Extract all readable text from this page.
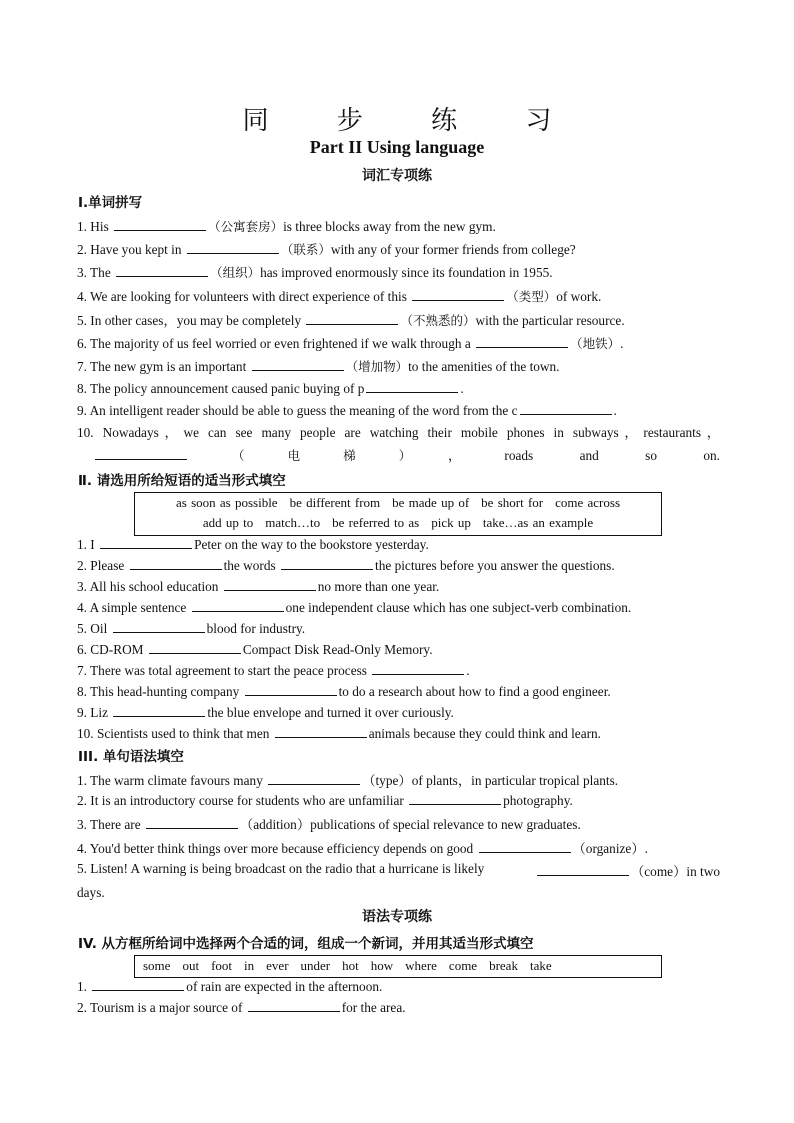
同 步 练 习
Part II Using language
词汇专项练
Ⅰ.单词拼写
1. His	（公寓套房）is three blocks away from the new gym.
2. Have you kept in	（联系）with any of your former friends from college?
3. The	（组织）has improved enormously since its foundation in 1955.
4. We are looking for volunteers with direct experience of this	（类型）of work.
5. In other cases，you may be completely	（不熟悉的）with the particular resource.
6. The majority of us feel worried or even frightened if we walk through a	（地铁）.
7. The new gym is an important	（增加物）to the amenities of the town.
8. The policy announcement caused panic buying of p	.
9. An intelligent reader should be able to guess the meaning of the word from the c	.
10. Nowadays，we can see many people are watching their mobile phones in subways，restaurants，
（电梯），roads and so on.
Ⅱ. 请选用所给短语的适当形式填空
as soon as possible be different from be made up of be short for come across
add up to match…to be referred to as pick up take…as an example
1. I	Peter on the way to the bookstore yesterday.
2. Please	the words	the pictures before you answer the questions.
3. All his school education	no more than one year.
4. A simple sentence	one independent clause which has one subject-verb combination.
5. Oil	blood for industry.
6. CD-ROM	Compact Disk Read-Only Memory.
7. There was total agreement to start the peace process	.
8. This head-hunting company	to do a research about how to find a good engineer.
9. Liz	the blue envelope and turned it over curiously.
10. Scientists used to think that men	animals because they could think and learn.
III. 单句语法填空
1. The warm climate favours many	（type）of plants，in particular tropical plants.
2. It is an introductory course for students who are unfamiliar	photography.
3. There are	（addition）publications of special relevance to new graduates.
4. You'd better think things over more because efficiency depends on good	（organize）.
5. Listen! A warning is being broadcast on the radio that a hurricane is likely	（come）in two
days.
语法专项练
IV. 从方框所给词中选择两个合适的词，组成一个新词，并用其适当形式填空
some out foot in ever under hot how where come break take
1.	of rain are expected in the afternoon.
2. Tourism is a major source of	for the area.
